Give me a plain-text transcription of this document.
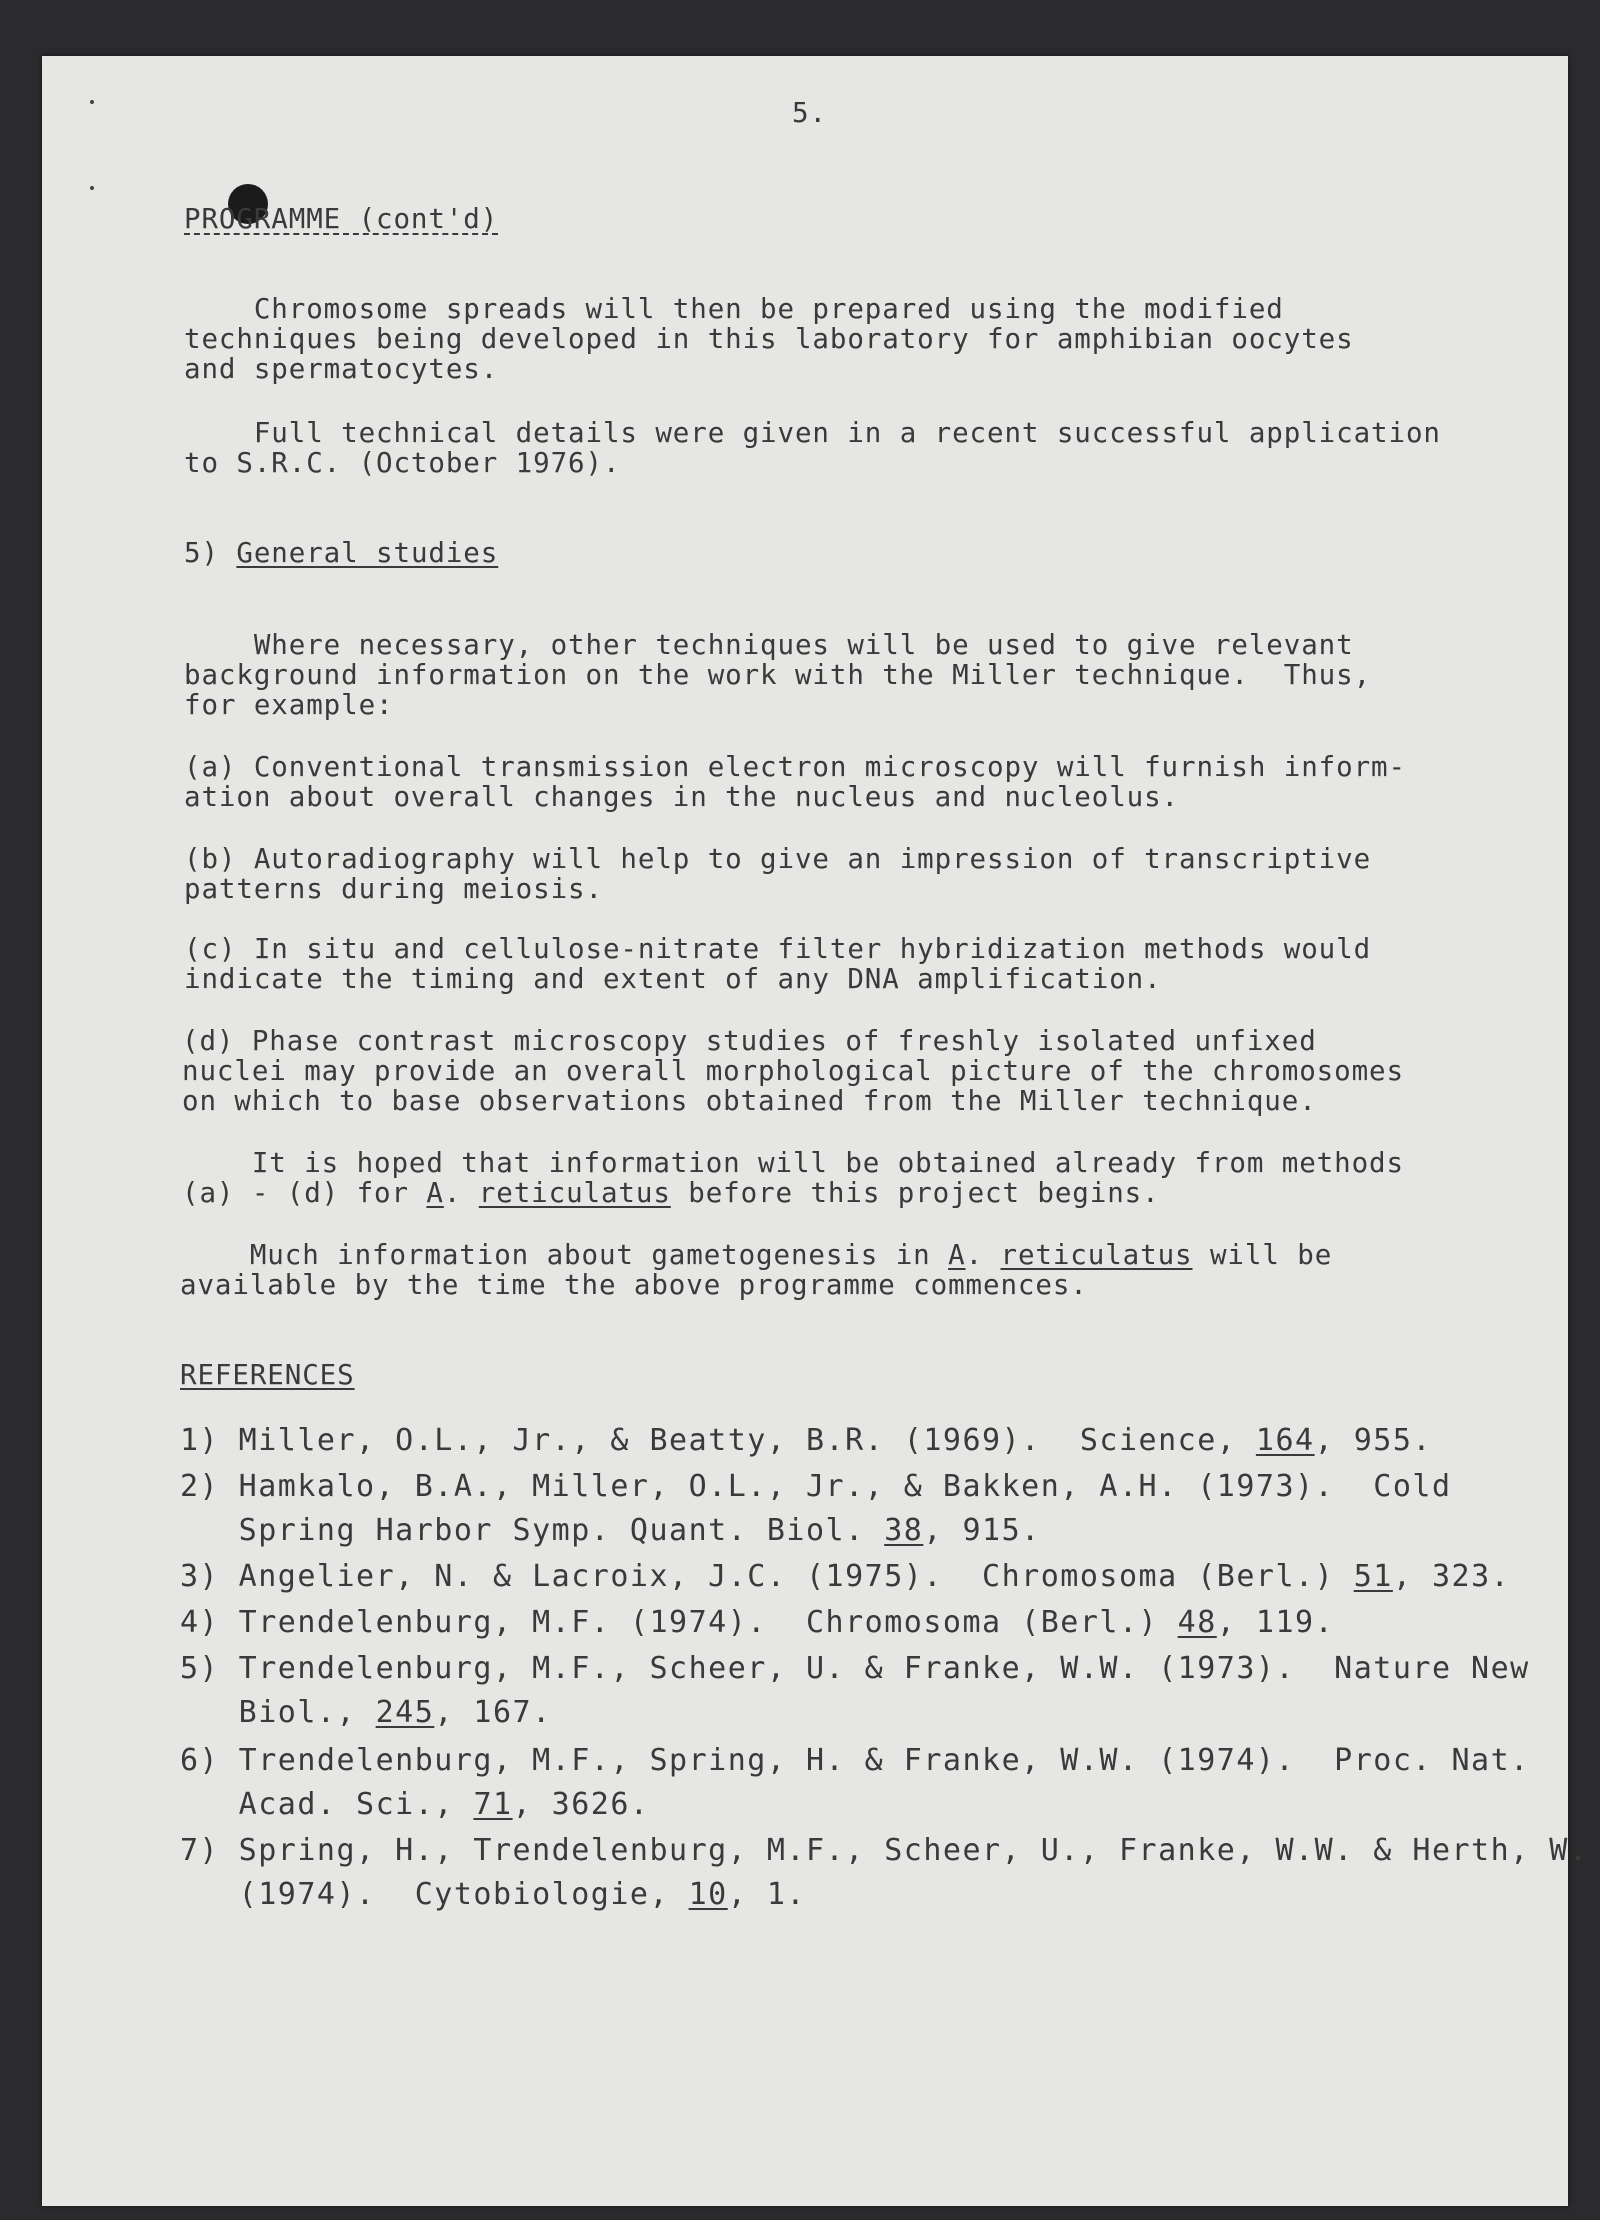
5.

PROGRAMME (cont'd)

Chromosome spreads will then be prepared using the modified

techniques being developed in this laboratory for amphibian oocytes

and spermatocytes.

Full technical details were given in a recent successful application

to S.R.C. (October 1976).

5) General studies

Where necessary, other techniques will be used to give relevant

background information on the work with the Miller technique.  Thus,

for example:

(a) Conventional transmission electron microscopy will furnish inform-

ation about overall changes in the nucleus and nucleolus.

(b) Autoradiography will help to give an impression of transcriptive

patterns during meiosis.

(c) In situ and cellulose-nitrate filter hybridization methods would

indicate the timing and extent of any DNA amplification.

(d) Phase contrast microscopy studies of freshly isolated unfixed

nuclei may provide an overall morphological picture of the chromosomes

on which to base observations obtained from the Miller technique.

It is hoped that information will be obtained already from methods

(a) - (d) for A. reticulatus before this project begins.

Much information about gametogenesis in A. reticulatus will be

available by the time the above programme commences.

REFERENCES

1) Miller, O.L., Jr., & Beatty, B.R. (1969).  Science, 164, 955.

2) Hamkalo, B.A., Miller, O.L., Jr., & Bakken, A.H. (1973).  Cold

Spring Harbor Symp. Quant. Biol. 38, 915.

3) Angelier, N. & Lacroix, J.C. (1975).  Chromosoma (Berl.) 51, 323.

4) Trendelenburg, M.F. (1974).  Chromosoma (Berl.) 48, 119.

5) Trendelenburg, M.F., Scheer, U. & Franke, W.W. (1973).  Nature New

Biol., 245, 167.

6) Trendelenburg, M.F., Spring, H. & Franke, W.W. (1974).  Proc. Nat.

Acad. Sci., 71, 3626.

7) Spring, H., Trendelenburg, M.F., Scheer, U., Franke, W.W. & Herth, W.

(1974).  Cytobiologie, 10, 1.
